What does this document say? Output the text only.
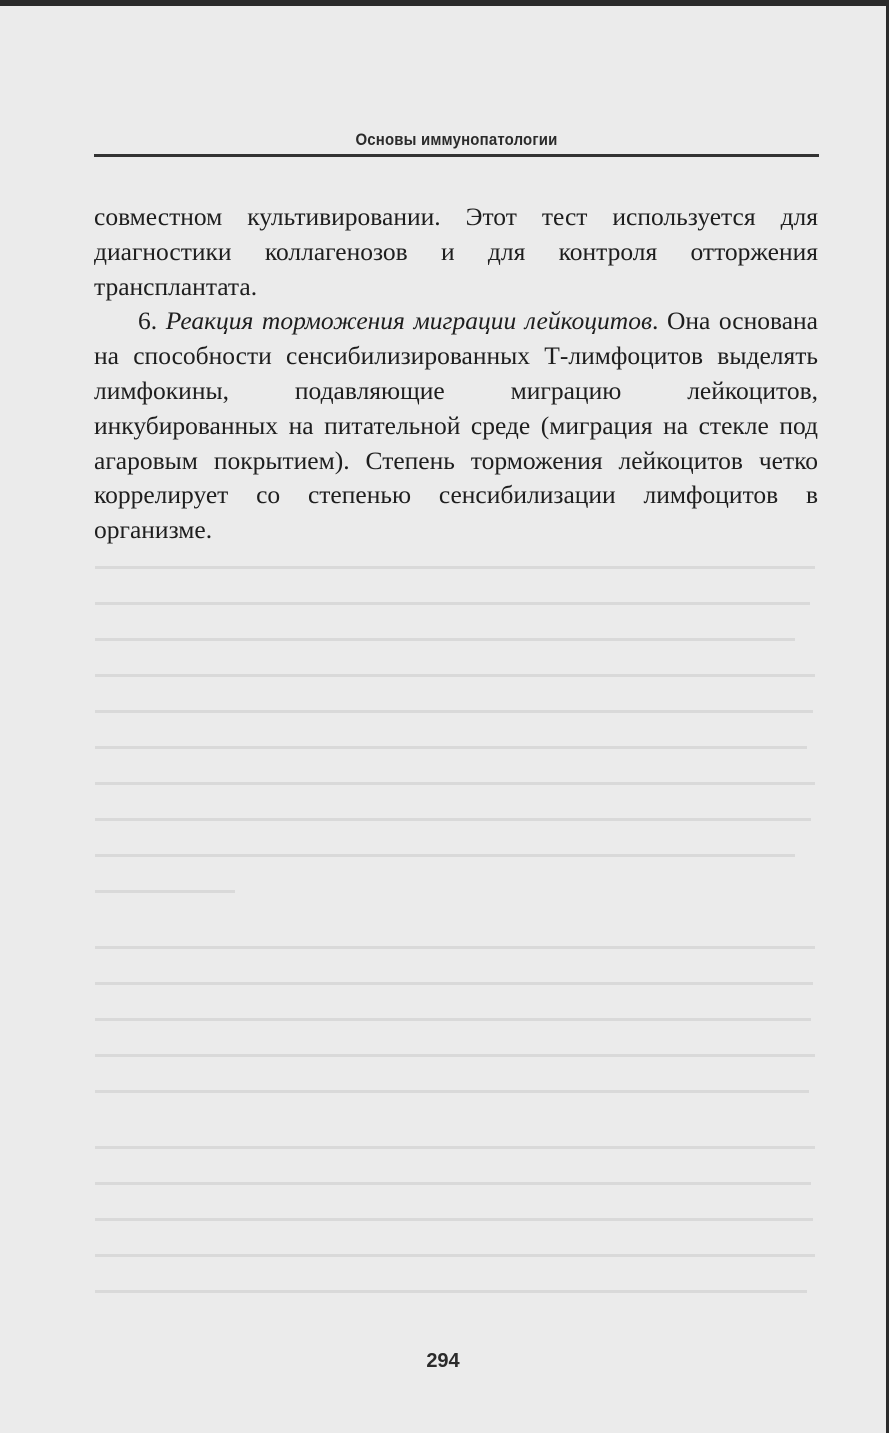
Основы иммунопатологии

совместном культивировании. Этот тест используется для диагностики коллагенозов и для контроля отторжения трансплантата.

6. Реакция торможения миграции лейкоцитов. Она основана на способности сенсибилизированных Т-лимфоцитов выделять лимфокины, подавляющие миграцию лейкоцитов, инкубированных на питательной среде (миграция на стекле под агаровым покрытием). Степень торможения лейкоцитов четко коррелирует со степенью сенсибилизации лимфоцитов в организме.

294
